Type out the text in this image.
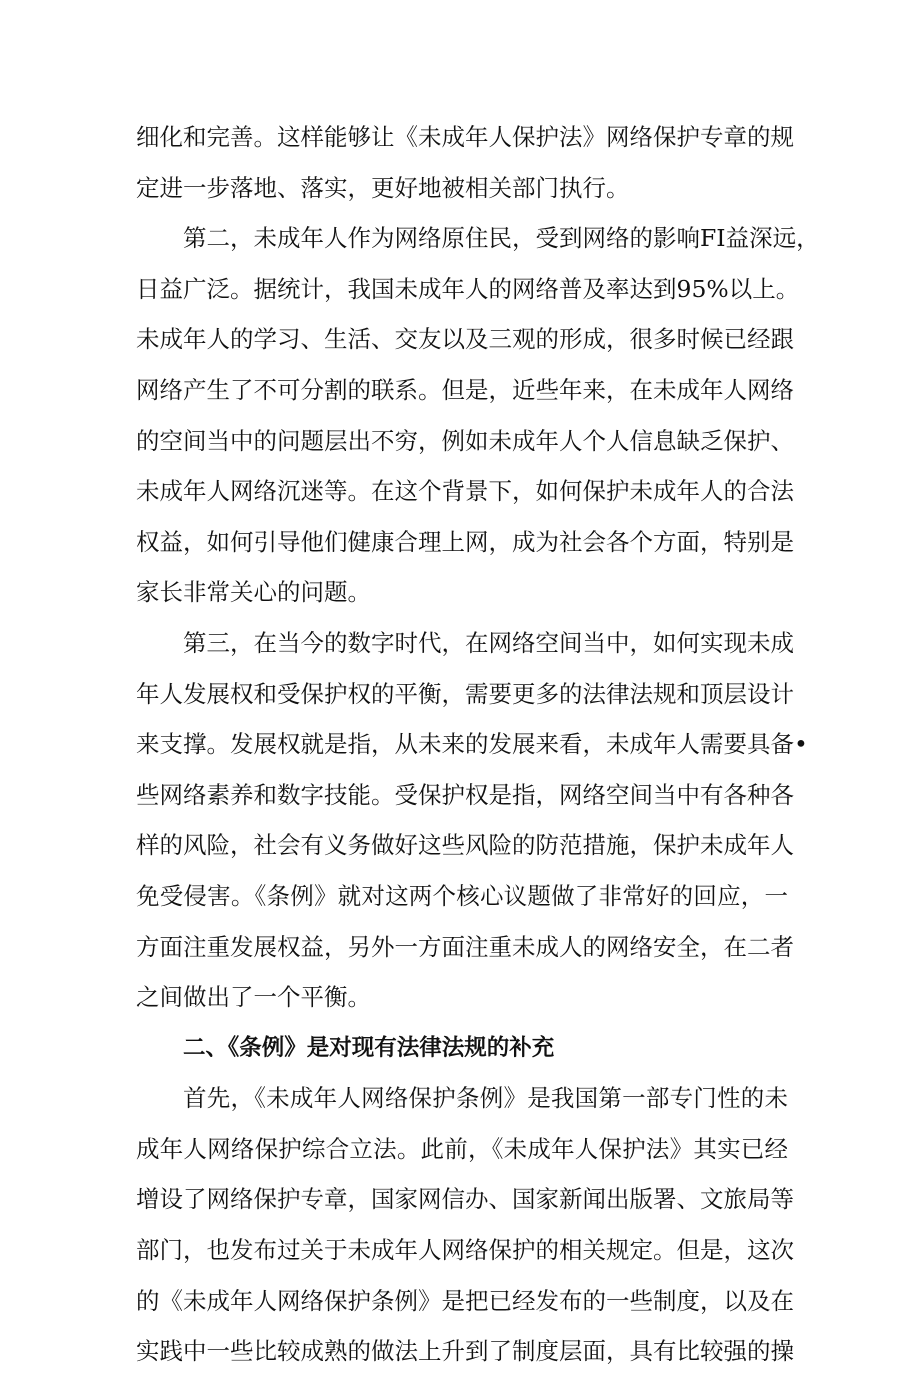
细化和完善。这样能够让《未成年人保护法》网络保护专章的规
定进一步落地、落实，更好地被相关部门执行。
第二，未成年人作为网络原住民，受到网络的影响FI益深远，
日益广泛。据统计，我国未成年人的网络普及率达到95%以上。
未成年人的学习、生活、交友以及三观的形成，很多时候已经跟
网络产生了不可分割的联系。但是，近些年来，在未成年人网络
的空间当中的问题层出不穷，例如未成年人个人信息缺乏保护、
未成年人网络沉迷等。在这个背景下，如何保护未成年人的合法
权益，如何引导他们健康合理上网，成为社会各个方面，特别是
家长非常关心的问题。
第三，在当今的数字时代，在网络空间当中，如何实现未成
年人发展权和受保护权的平衡，需要更多的法律法规和顶层设计
来支撑。发展权就是指，从未来的发展来看，未成年人需要具备•
些网络素养和数字技能。受保护权是指，网络空间当中有各种各
样的风险，社会有义务做好这些风险的防范措施，保护未成年人
免受侵害。《条例》就对这两个核心议题做了非常好的回应，一
方面注重发展权益，另外一方面注重未成人的网络安全，在二者
之间做出了一个平衡。
二、《条例》是对现有法律法规的补充
首先，《未成年人网络保护条例》是我国第一部专门性的未
成年人网络保护综合立法。此前，《未成年人保护法》其实已经
增设了网络保护专章，国家网信办、国家新闻出版署、文旅局等
部门，也发布过关于未成年人网络保护的相关规定。但是，这次
的《未成年人网络保护条例》是把已经发布的一些制度，以及在
实践中一些比较成熟的做法上升到了制度层面，具有比较强的操
